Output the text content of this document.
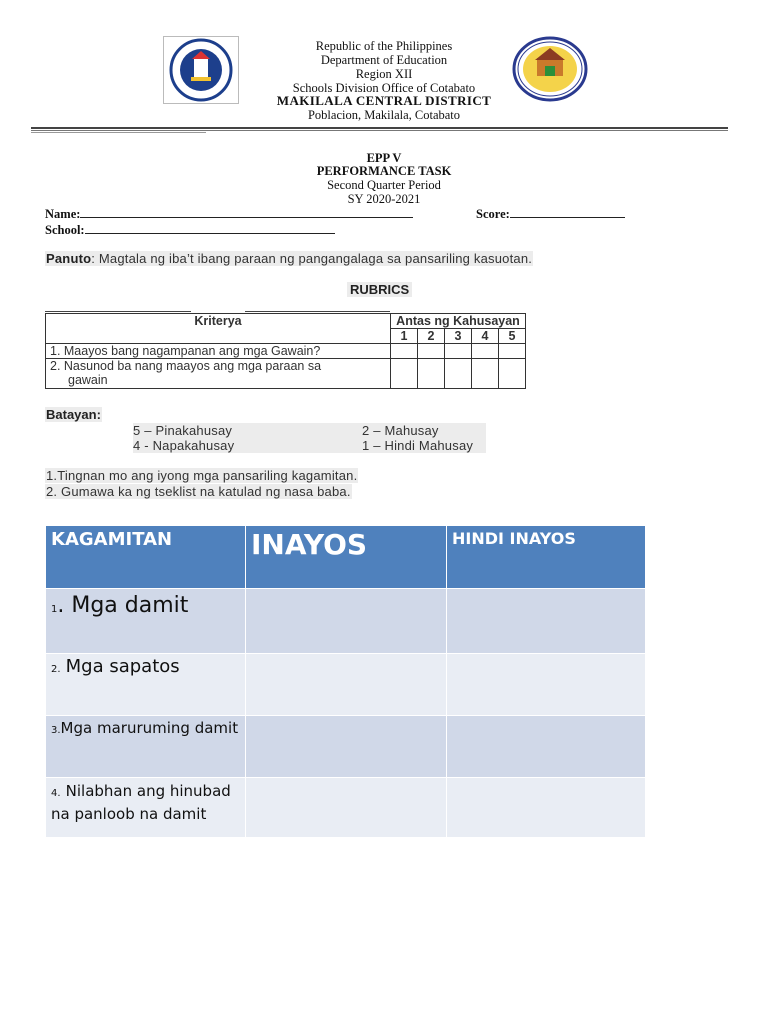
Republic of the Philippines
Department of Education
Region XII
Schools Division Office of Cotabato
MAKILALA CENTRAL DISTRICT
Poblacion, Makilala, Cotabato
EPP V
PERFORMANCE TASK
Second Quarter Period
SY 2020-2021
Name:	Score:
School:
Panuto: Magtala ng iba’t ibang paraan ng pangangalaga sa pansariling kasuotan.
RUBRICS
Kriterya	Antas ng Kahusayan				
	1	2	3	4	5
1. Maayos bang nagampanan ang mga Gawain?					

2. Nasunod ba nang maayos ang mga paraan sa
gawain					

Batayan:
5 – Pinakahusay	2 – Mahusay
4 - Napakahusay	1 – Hindi Mahusay
1.Tingnan mo ang iyong mga pansariling kagamitan.
2. Gumawa ka ng tseklist na katulad ng nasa baba.
KAGAMITAN	INAYOS	HINDI INAYOS
1. Mga damit		
2. Mga sapatos		
3.Mga maruruming damit		
4. Nilabhan ang hinubad na panloob na damit		
